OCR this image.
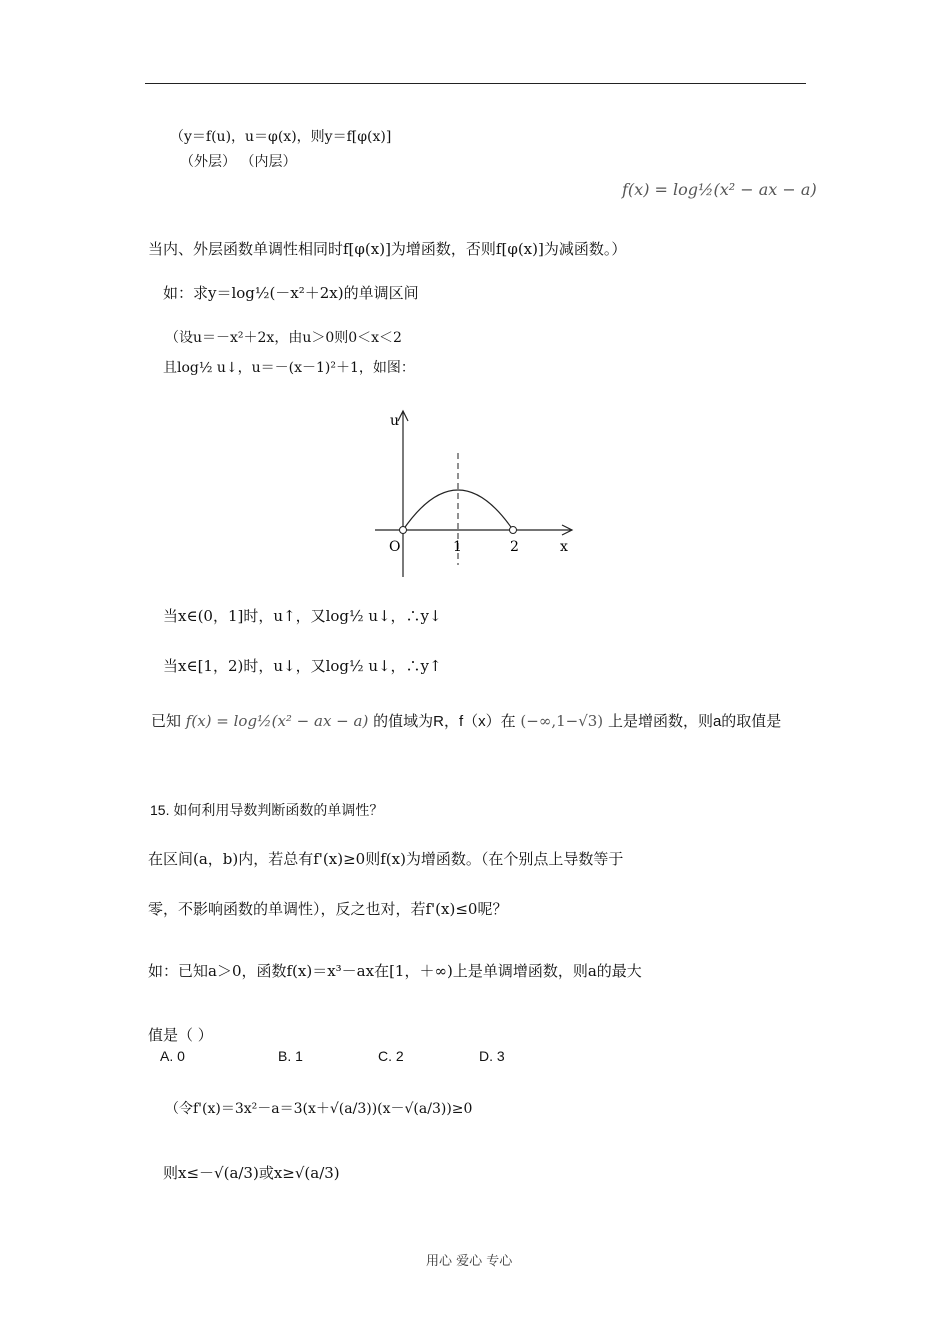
（y＝f(u)，u＝φ(x)，则y＝f[φ(x)]
（外层） （内层）
f(x) = log½(x² − ax − a)
当内、外层函数单调性相同时f[φ(x)]为增函数，否则f[φ(x)]为减函数。）
如：求y＝log½(－x²＋2x)的单调区间
（设u＝－x²＋2x，由u＞0则0＜x＜2
且log½ u↓，u＝－(x－1)²＋1，如图：
u
x
O	1	2
当x∈(0，1]时，u↑，又log½ u↓，∴y↓
当x∈[1，2)时，u↓，又log½ u↓，∴y↑
已知 f(x) = log½(x² − ax − a) 的值域为R，f（x）在 (−∞,1−√3) 上是增函数，则a的取值是
15. 如何利用导数判断函数的单调性？
在区间(a，b)内，若总有f'(x)≥0则f(x)为增函数。（在个别点上导数等于
零，不影响函数的单调性），反之也对，若f'(x)≤0呢？
如：已知a＞0，函数f(x)＝x³－ax在[1，＋∞)上是单调增函数，则a的最大
值是（ ）
A. 0	B. 1	C. 2	D. 3
（令f'(x)＝3x²－a＝3(x＋√(a/3))(x－√(a/3))≥0
则x≤－√(a/3)或x≥√(a/3)
用心 爱心 专心
